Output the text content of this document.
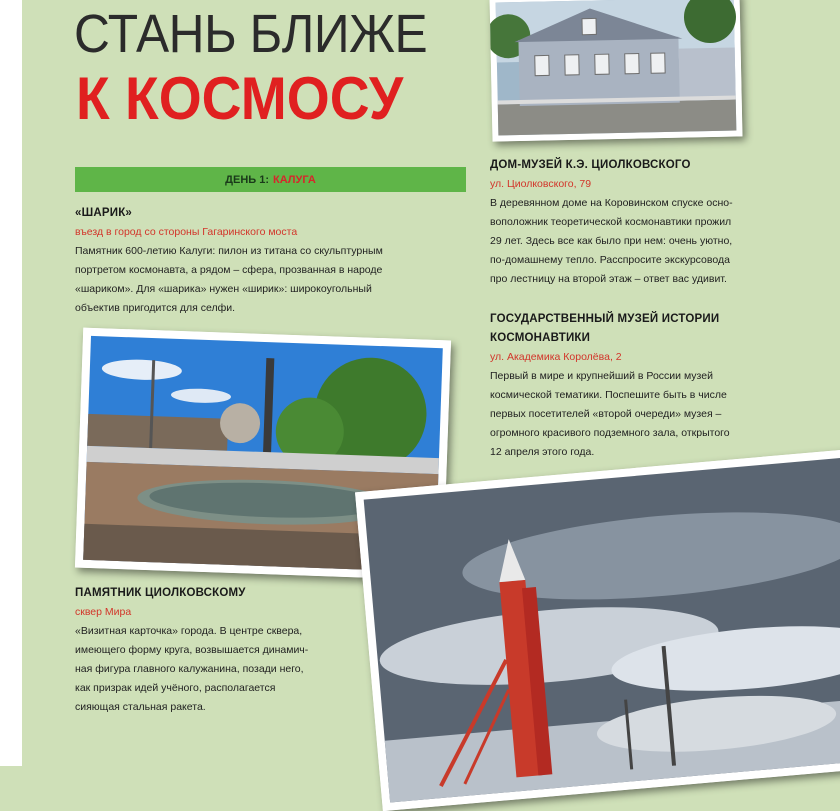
СТАНЬ БЛИЖЕ
К КОСМОСУ
ДЕНЬ 1: КАЛУГА
«ШАРИК»
въезд в город со стороны Гагаринского моста

Памятник 600-летию Калуги: пилон из титана со скульптурным

портретом космонавта, а рядом – сфера, прозванная в народе

«шариком». Для «шарика» нужен «ширик»: широкоугольный

объектив пригодится для селфи.

ДОМ-МУЗЕЙ К.Э. ЦИОЛКОВСКОГО
ул. Циолковского, 79

В деревянном доме на Коровинском спуске осно-

воположник теоретической космонавтики прожил

29 лет. Здесь все как было при нем: очень уютно,

по-домашнему тепло. Расспросите экскурсовода

про лестницу на второй этаж – ответ вас удивит.

ГОСУДАРСТВЕННЫЙ МУЗЕЙ ИСТОРИИ
КОСМОНАВТИКИ
ул. Академика Королёва, 2

Первый в мире и крупнейший в России музей

космической тематики. Поспешите быть в числе

первых посетителей «второй очереди» музея –

огромного красивого подземного зала, открытого

12 апреля этого года.

ПАМЯТНИК ЦИОЛКОВСКОМУ
сквер Мира

«Визитная карточка» города. В центре сквера,

имеющего форму круга, возвышается динамич-

ная фигура главного калужанина, позади него,

как призрак идей учёного, располагается

сияющая стальная ракета.
